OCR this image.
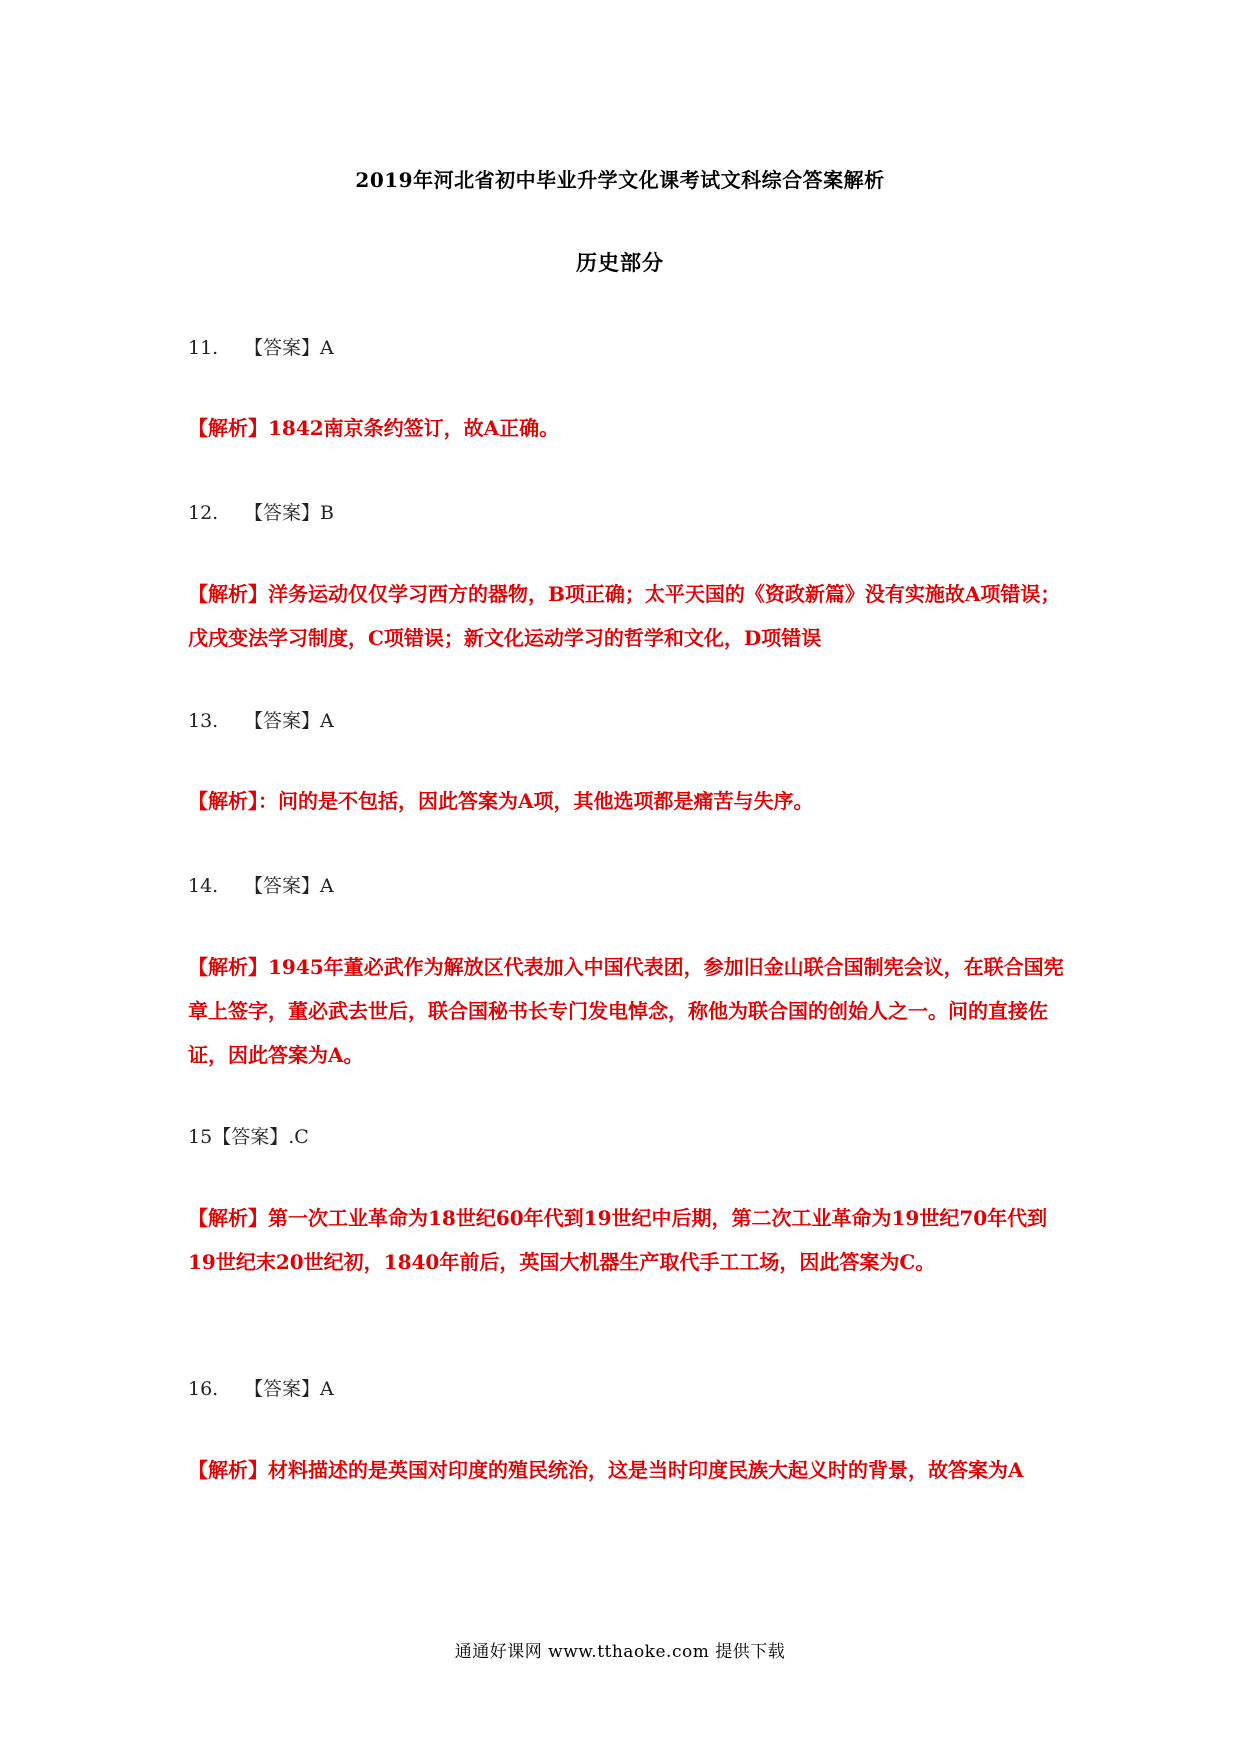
2019年河北省初中毕业升学文化课考试文科综合答案解析
历史部分
11. 【答案】A
【解析】1842南京条约签订，故A正确。
12. 【答案】B
【解析】洋务运动仅仅学习西方的器物，B项正确；太平天国的《资政新篇》没有实施故A项错误；戊戌变法学习制度，C项错误；新文化运动学习的哲学和文化，D项错误
13. 【答案】A
【解析】：问的是不包括，因此答案为A项，其他选项都是痛苦与失序。
14. 【答案】A
【解析】1945年董必武作为解放区代表加入中国代表团，参加旧金山联合国制宪会议，在联合国宪章上签字，董必武去世后，联合国秘书长专门发电悼念，称他为联合国的创始人之一。问的直接佐证，因此答案为A。
15【答案】.C
【解析】第一次工业革命为18世纪60年代到19世纪中后期，第二次工业革命为19世纪70年代到19世纪末20世纪初，1840年前后，英国大机器生产取代手工工场，因此答案为C。
16. 【答案】A
【解析】材料描述的是英国对印度的殖民统治，这是当时印度民族大起义时的背景，故答案为A
通通好课网 www.tthaoke.com 提供下载
